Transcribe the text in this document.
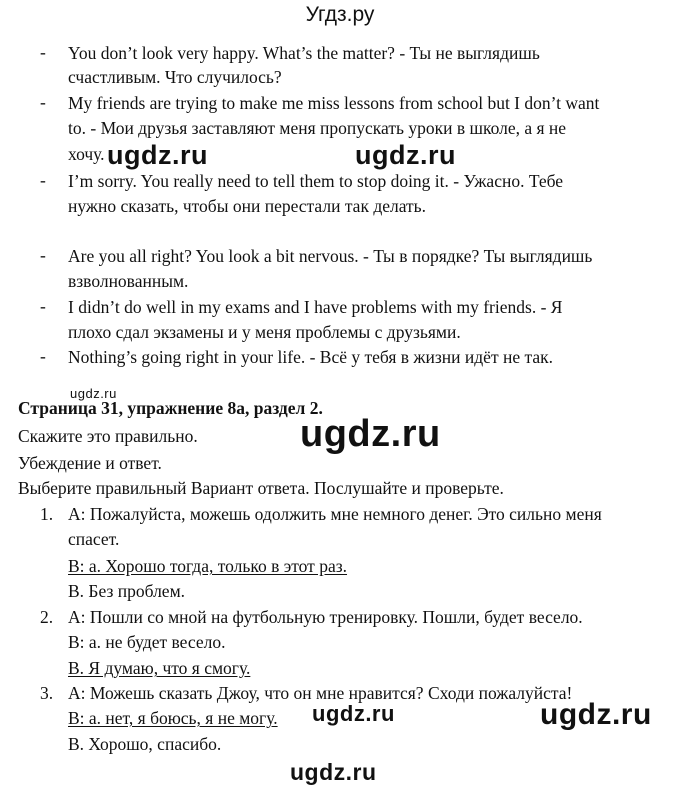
Угдз.ру
- You don’t look very happy. What’s the matter? - Ты не выглядишь
счастливым. Что случилось?
- My friends are trying to make me miss lessons from school but I don’t want
to. - Мои друзья заставляют меня пропускать уроки в школе, а я не
хочу.
- I’m sorry. You really need to tell them to stop doing it. - Ужасно. Тебе
нужно сказать, чтобы они перестали так делать.
- Are you all right? You look a bit nervous. - Ты в порядке? Ты выглядишь
взволнованным.
- I didn’t do well in my exams and I have problems with my friends. - Я
плохо сдал экзамены и у меня проблемы с друзьями.
- Nothing’s going right in your life. - Всё у тебя в жизни идёт не так.
Страница 31, упражнение 8а, раздел 2.
Скажите это правильно.
Убеждение и ответ.
Выберите правильный Вариант ответа. Послушайте и проверьте.
1. A: Пожалуйста, можешь одолжить мне немного денег. Это сильно меня
спасет.
В: а. Хорошо тогда, только в этот раз.
В. Без проблем.
2. A: Пошли со мной на футбольную тренировку. Пошли, будет весело.
В: а. не будет весело.
В. Я думаю, что я смогу.
3. A: Можешь сказать Джоу, что он мне нравится? Сходи пожалуйста!
В: а. нет, я боюсь, я не могу.
В. Хорошо, спасибо.
ugdz.ru	ugdz.ru
ugdz.ru
ugdz.ru
ugdz.ru	ugdz.ru
ugdz.ru
